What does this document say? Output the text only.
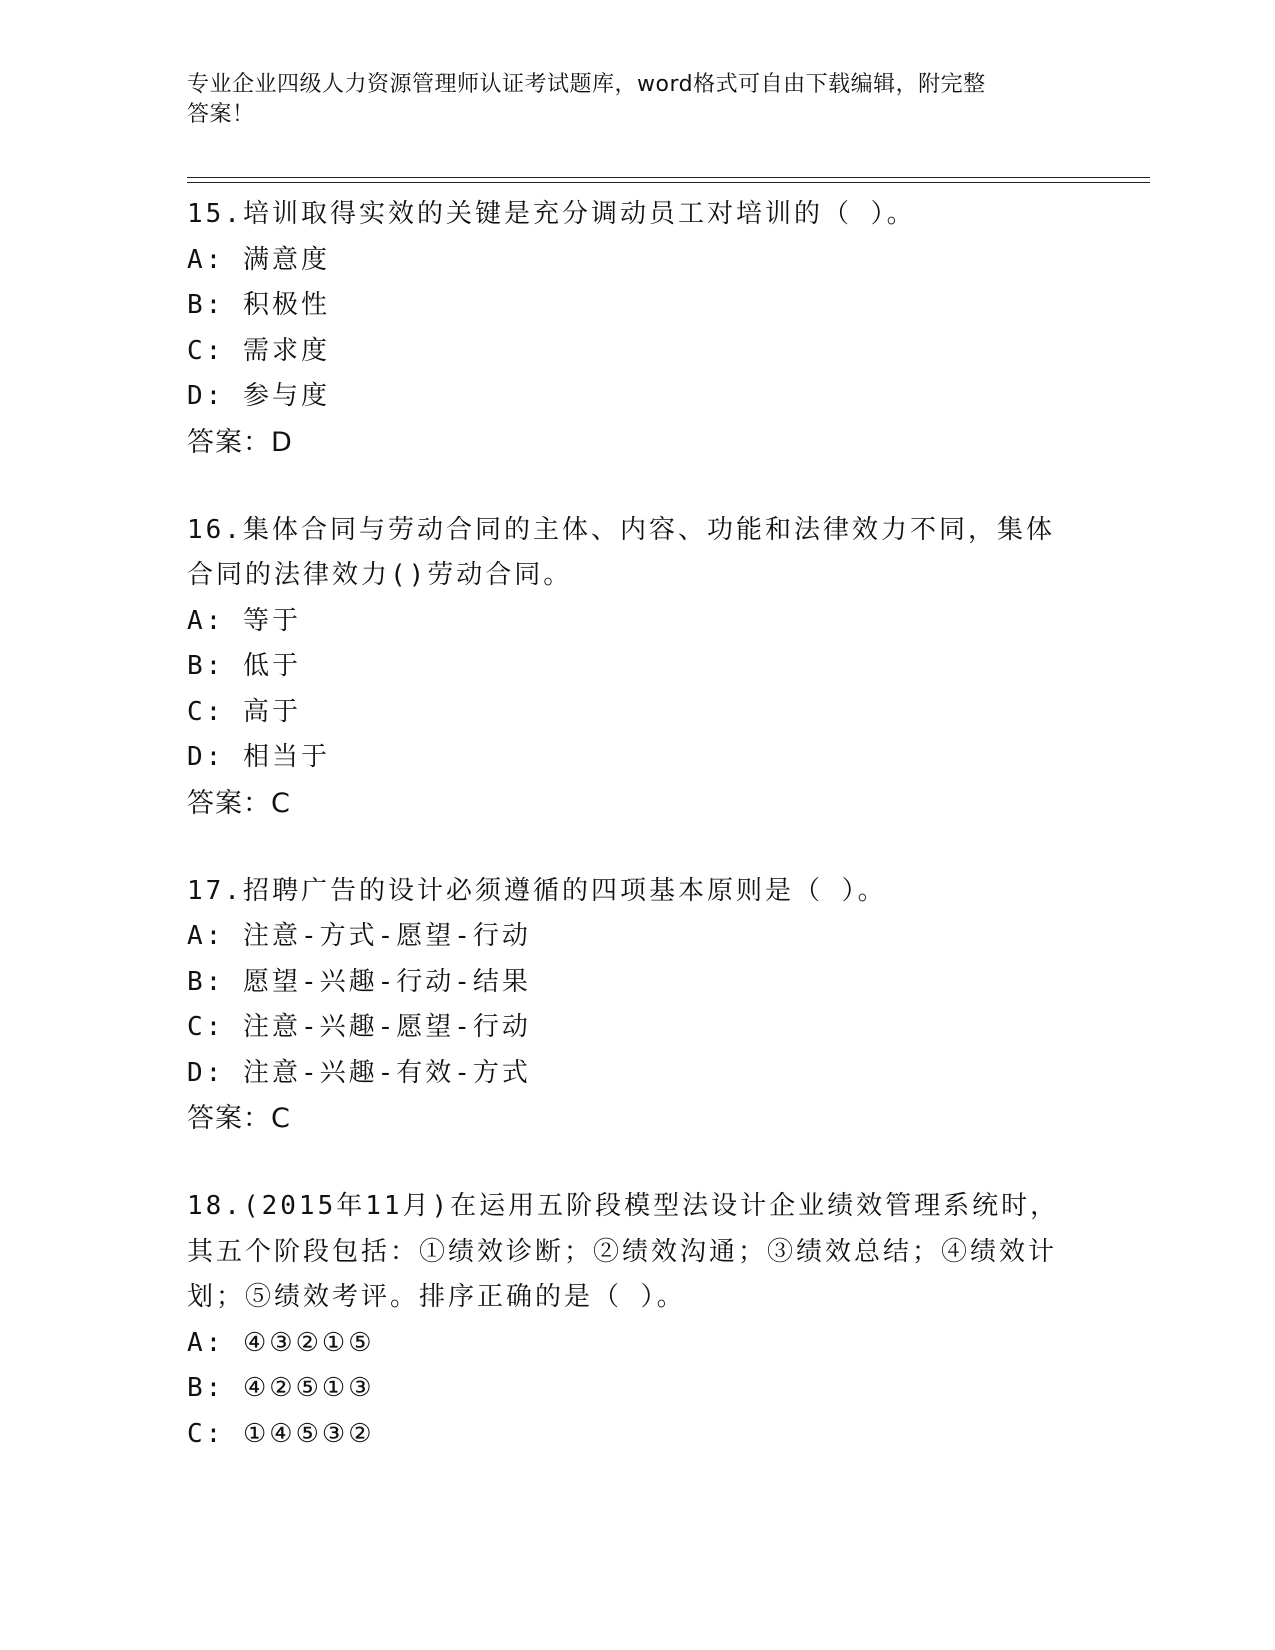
专业企业四级人力资源管理师认证考试题库，word格式可自由下载编辑，附完整
答案！
15.培训取得实效的关键是充分调动员工对培训的（ ）。
A: 满意度
B: 积极性
C: 需求度
D: 参与度
答案：D
16.集体合同与劳动合同的主体、内容、功能和法律效力不同，集体合同的法律效力()劳动合同。
A: 等于
B: 低于
C: 高于
D: 相当于
答案：C
17.招聘广告的设计必须遵循的四项基本原则是（ ）。
A: 注意-方式-愿望-行动
B: 愿望-兴趣-行动-结果
C: 注意-兴趣-愿望-行动
D: 注意-兴趣-有效-方式
答案：C
18.(2015年11月)在运用五阶段模型法设计企业绩效管理系统时，其五个阶段包括：①绩效诊断；②绩效沟通；③绩效总结；④绩效计划；⑤绩效考评。排序正确的是（ ）。
A: ④③②①⑤
B: ④②⑤①③
C: ①④⑤③②
